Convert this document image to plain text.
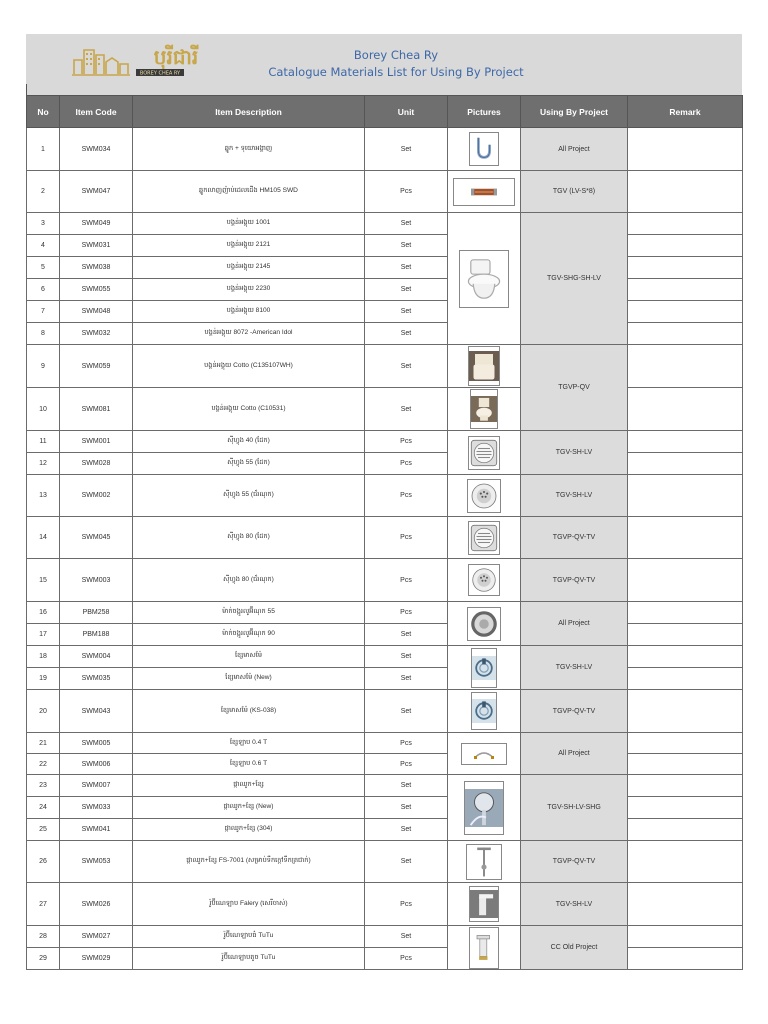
បុរីជារី
BOREY CHEA RY
Borey Chea Ry
Catalogue Materials List for Using By Project
No	Item Code	Item Description	Unit	Pictures	Using By Project	Remark
1	SWM034	ឆ្នូក + ទុយោអង្គាញ	Set		All Project	
2	SWM047	ឆ្នូកលាញញ៉ាប់ដេលដើង HM105 SWD	Pcs		TGV (LV-S*8)	
3	SWM049	បង្គន់អង្គុយ 1001	Set		TGV-SHG-SH-LV	
4	SWM031	បង្គន់អង្គុយ 2121	Set			
5	SWM038	បង្គន់អង្គុយ 2145	Set			
6	SWM055	បង្គន់អង្គុយ 2230	Set			
7	SWM048	បង្គន់អង្គុយ 8100	Set			
8	SWM032	បង្គន់អង្គុយ 8072 -American Idol	Set			
9	SWM059	បង្គន់អង្គុយ Cotto (C135107WH)	Set		TGVP-QV	
10	SWM081	បង្គន់អង្គុយ Cotto (C10531)	Set	

11	SWM001	ស៊ីហ្វុង 40 (ដែក)	Pcs		TGV-SH-LV	
12	SWM028	ស៊ីហ្វុង 55 (ដែក)	Pcs			
13	SWM002	ស៊ីហ្វុង 55 (ជ័រណុក)	Pcs		TGV-SH-LV	
14	SWM045	ស៊ីហ្វុង 80 (ដែក)	Pcs		TGVP-QV-TV	
15	SWM003	ស៊ីហ្វុង 80 (ជ័រណុក)	Pcs		TGVP-QV-TV	
16	PBM258	ម៉ាក់ចង្អូរលូអ៊ីណុក 55	Pcs		All Project	
17	PBM188	ម៉ាក់ចង្អូរលូអ៊ីណុក 90	Set			
18	SWM004	ខ្សែមាសម៉ែ	Set		TGV-SH-LV	
19	SWM035	ខ្សែមាសម៉ែ (New)	Set			
20	SWM043	ខ្សែមាសម៉ែ (KS-038)	Set		TGVP-QV-TV	
21	SWM005	ខ្សែឡាប 0.4 T	Pcs		All Project	
22	SWM006	ខ្សែឡាប 0.6 T	Pcs			
23	SWM007	ផ្កាឈូក+ខ្សែ	Set		TGV-SH-LV-SHG	
24	SWM033	ផ្កាឈូក+ខ្សែ (New)	Set			
25	SWM041	ផ្កាឈូក+ខ្សែ (304)	Set			
26	SWM053	ផ្កាឈូក+ខ្សែ FS-7001 (សម្រាប់ទឹកក្តៅទឹកត្រជាក់)	Set		TGVP-QV-TV	
27	SWM026	រ៉ូប៊ីណេឡាប Falery (សេរីចាស់)	Pcs		TGV-SH-LV	
28	SWM027	រ៉ូប៊ីណេឡាបធំ TuTu	Set		CC Old Project	
29	SWM029	រ៉ូប៊ីណេឡាបតូច TuTu	Pcs			
